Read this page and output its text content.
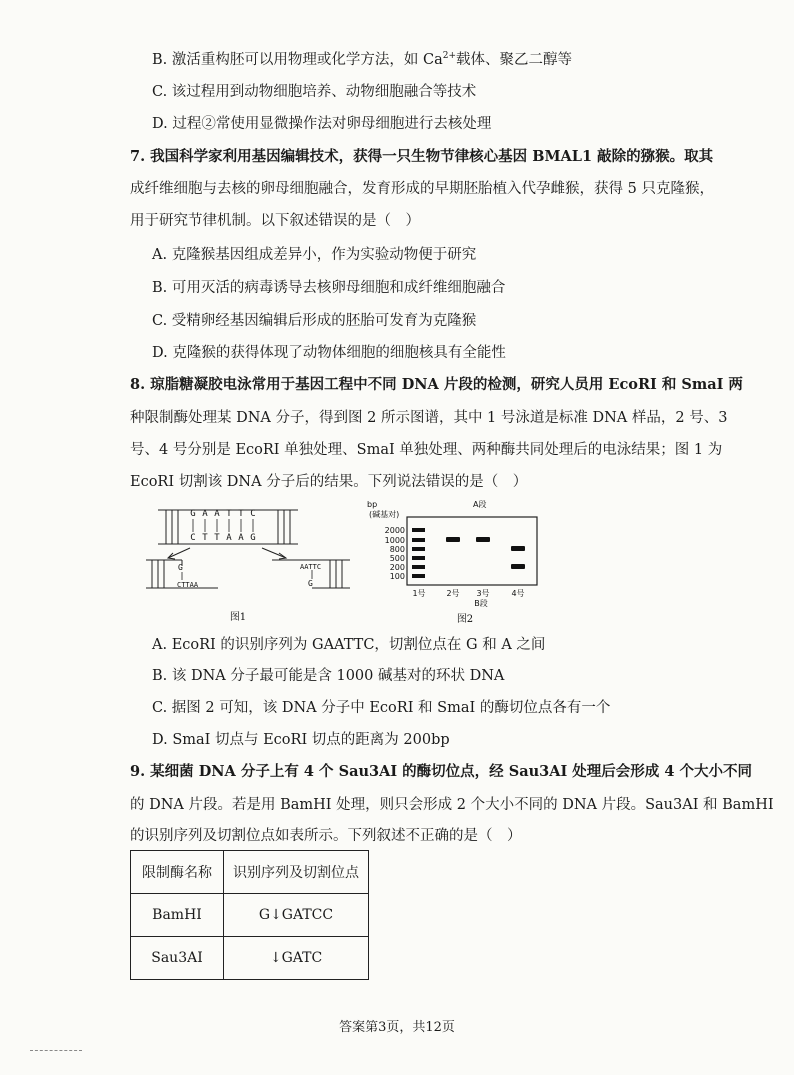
B. 激活重构胚可以用物理或化学方法，如 $Ca^{2+}$载体、聚乙二醇等
C. 该过程用到动物细胞培养、动物细胞融合等技术
D. 过程②常使用显微操作法对卵母细胞进行去核处理
7. 我国科学家利用基因编辑技术，获得一只生物节律核心基因 BMAL1 敲除的猕猴。取其
成纤维细胞与去核的卵母细胞融合，发育形成的早期胚胎植入代孕雌猴，获得 5 只克隆猴，
用于研究节律机制。以下叙述错误的是（　）
A. 克隆猴基因组成差异小，作为实验动物便于研究
B. 可用灭活的病毒诱导去核卵母细胞和成纤维细胞融合
C. 受精卵经基因编辑后形成的胚胎可发育为克隆猴
D. 克隆猴的获得体现了动物体细胞的细胞核具有全能性
8. 琼脂糖凝胶电泳常用于基因工程中不同 DNA 片段的检测，研究人员用 EcoRI 和 SmaI 两
种限制酶处理某 DNA 分子，得到图 2 所示图谱，其中 1 号泳道是标准 DNA 样品，2 号、3
号、4 号分别是 EcoRI 单独处理、SmaI 单独处理、两种酶共同处理后的电泳结果；图 1 为
EcoRI 切割该 DNA 分子后的结果。下列说法错误的是（　）
G A A T T C
C T T A A G
G
CTTAA
AATTC
G
图1
bp
(碱基对)
A段
2000
1000
800
500
200
100
1号	2号 3号	4号
B段
图2
A. EcoRI 的识别序列为 GAATTC，切割位点在 G 和 A 之间
B. 该 DNA 分子最可能是含 1000 碱基对的环状 DNA
C. 据图 2 可知，该 DNA 分子中 EcoRI 和 SmaI 的酶切位点各有一个
D. SmaI 切点与 EcoRI 切点的距离为 200bp
9. 某细菌 DNA 分子上有 4 个 Sau3AI 的酶切位点，经 Sau3AI 处理后会形成 4 个大小不同
的 DNA 片段。若是用 BamHI 处理，则只会形成 2 个大小不同的 DNA 片段。Sau3AI 和 BamHI
的识别序列及切割位点如表所示。下列叙述不正确的是（　）
限制酶名称	识别序列及切割位点
BamHI	G↓GATCC
Sau3AI	↓GATC
答案第3页，共12页
